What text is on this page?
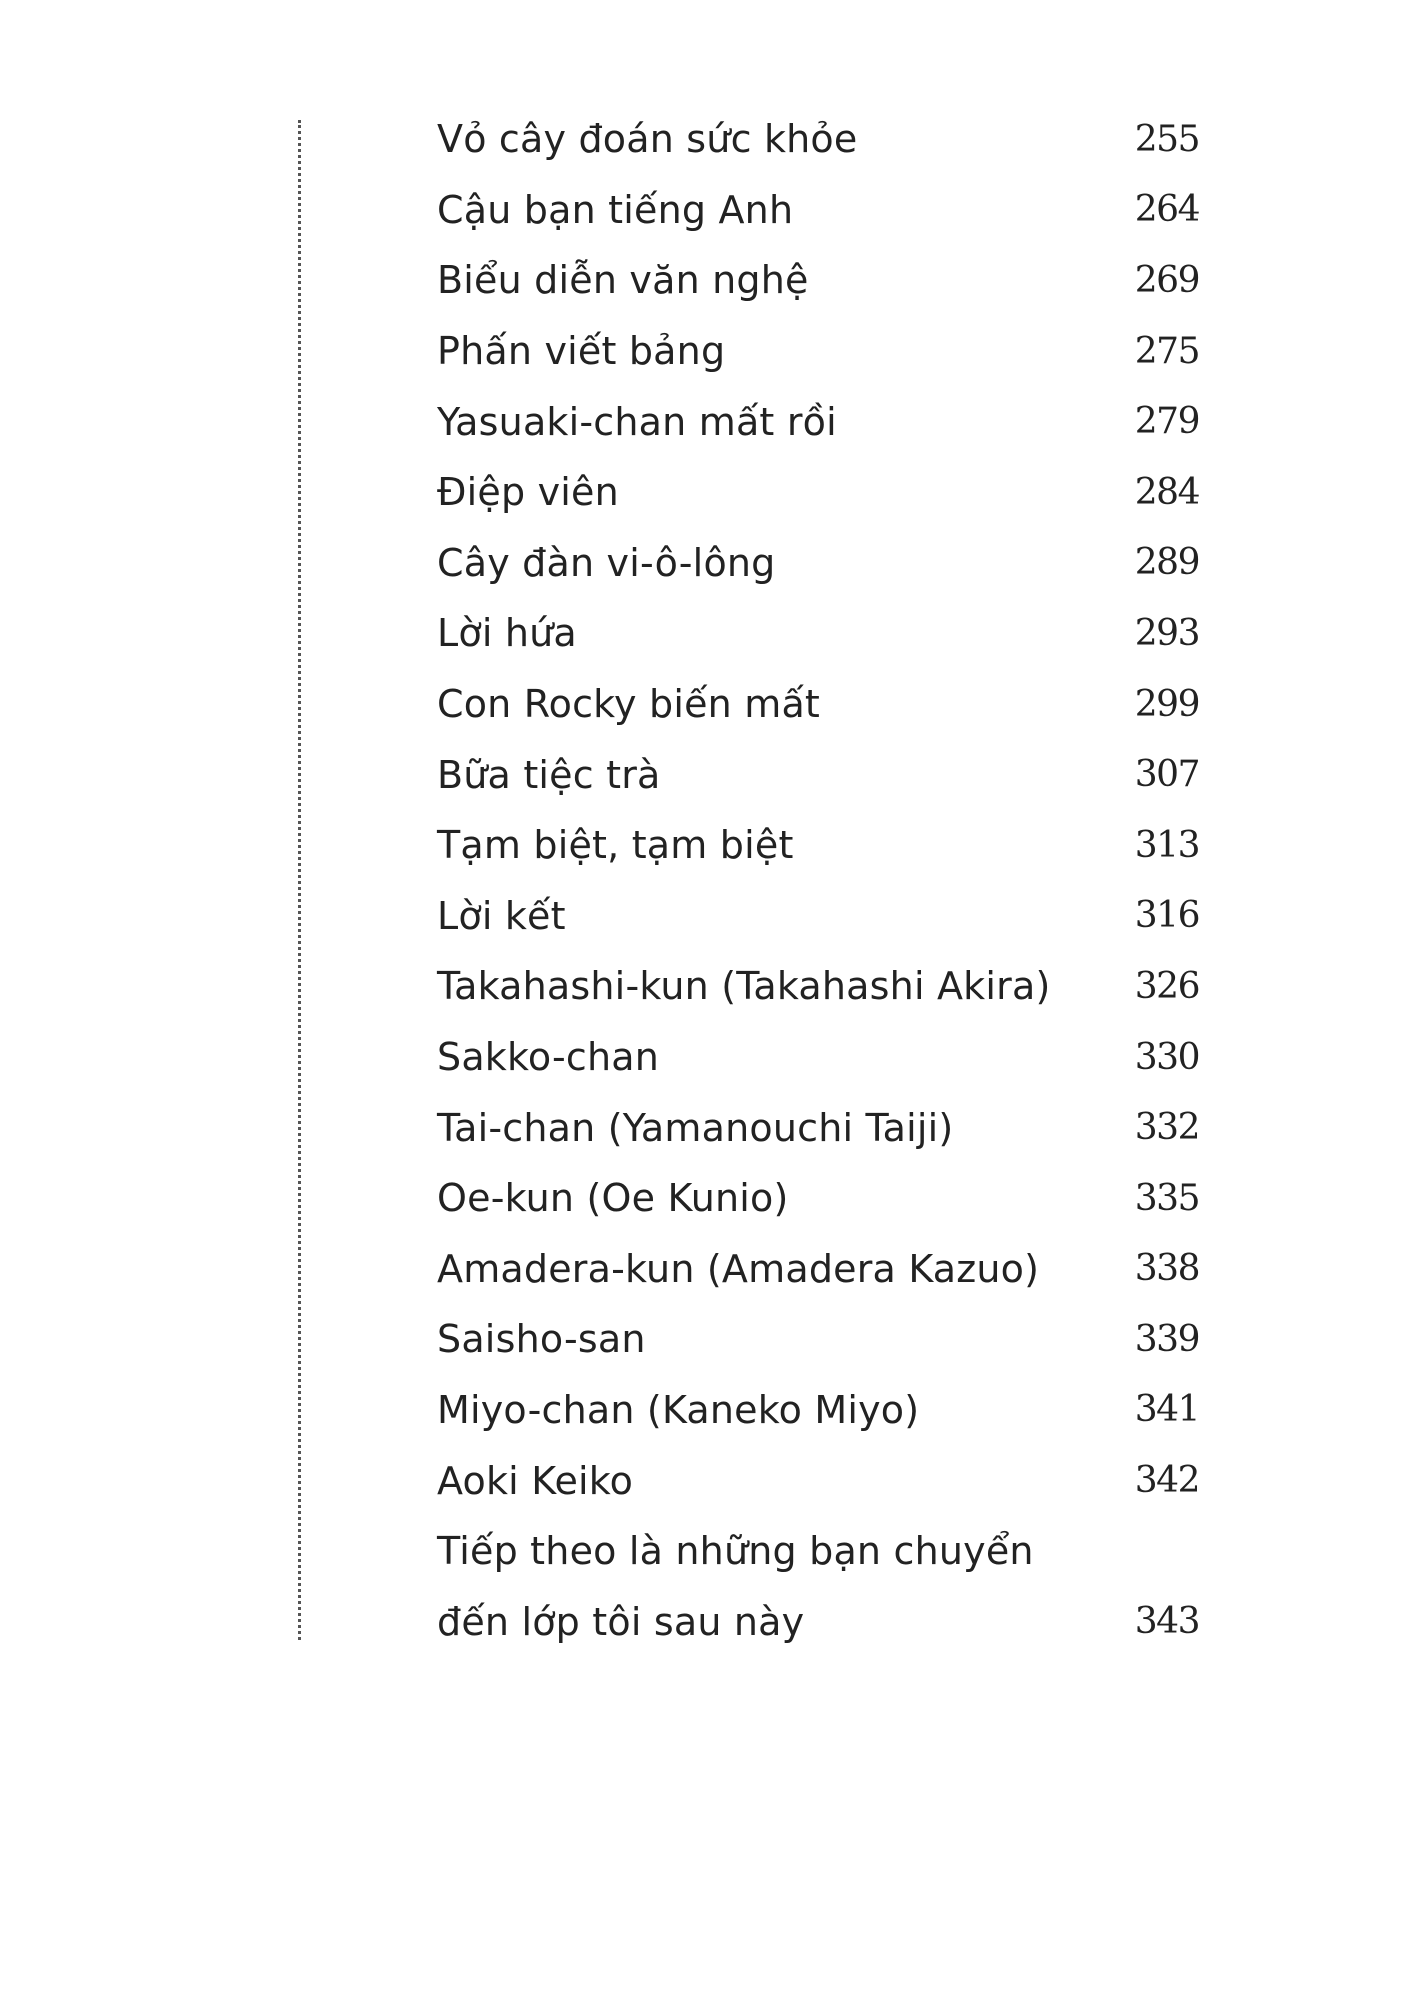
Vỏ cây đoán sức khỏe	255
Cậu bạn tiếng Anh	264
Biểu diễn văn nghệ	269
Phấn viết bảng	275
Yasuaki-chan mất rồi	279
Điệp viên	284
Cây đàn vi-ô-lông	289
Lời hứa	293
Con Rocky biến mất	299
Bữa tiệc trà	307
Tạm biệt, tạm biệt	313
Lời kết	316
Takahashi-kun (Takahashi Akira)	326
Sakko-chan	330
Tai-chan (Yamanouchi Taiji)	332
Oe-kun (Oe Kunio)	335
Amadera-kun (Amadera Kazuo)	338
Saisho-san	339
Miyo-chan (Kaneko Miyo)	341
Aoki Keiko	342
Tiếp theo là những bạn chuyển
đến lớp tôi sau này	343
